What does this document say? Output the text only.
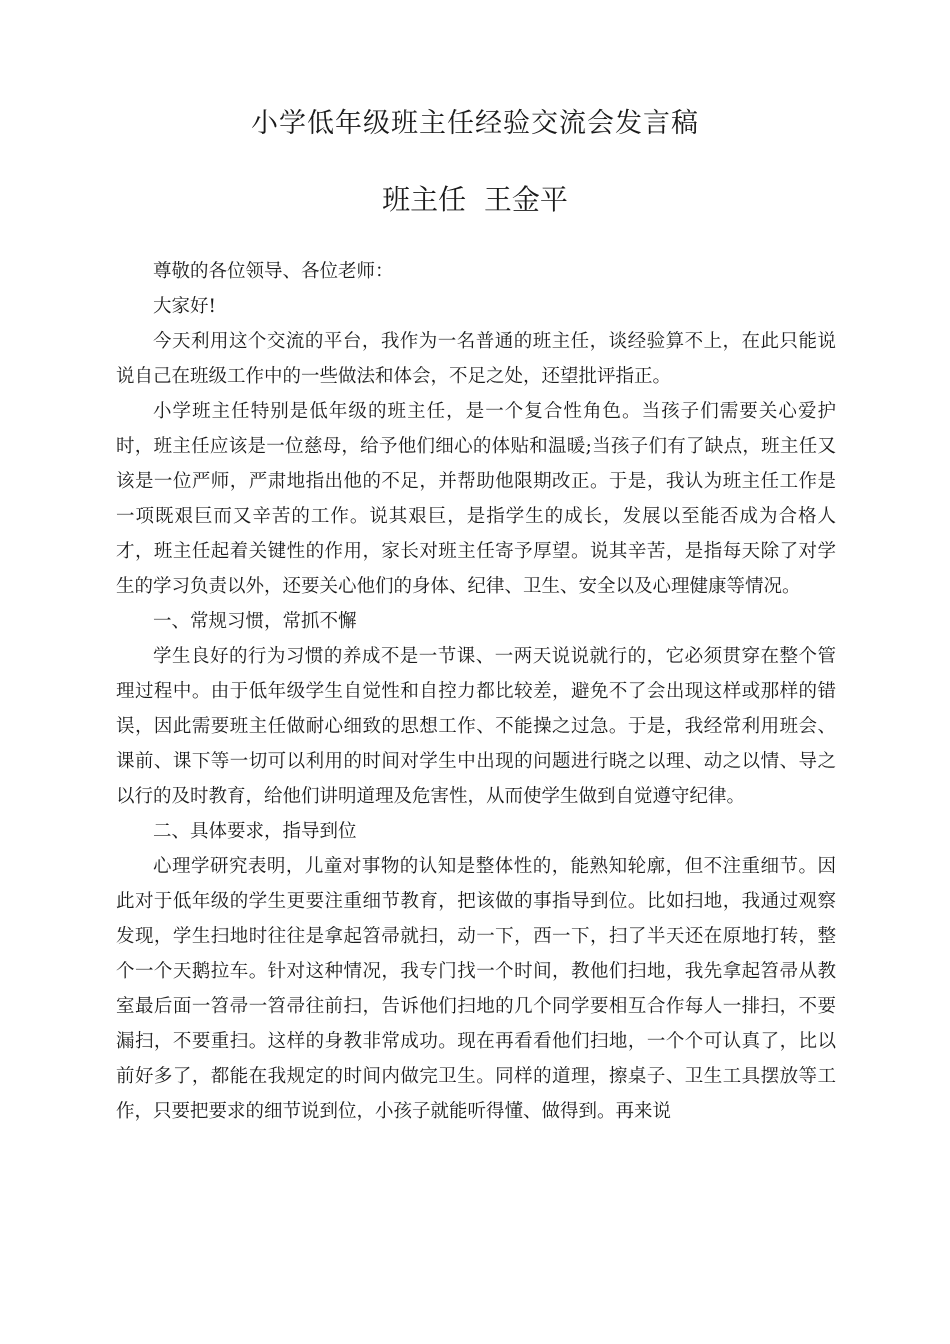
小学低年级班主任经验交流会发言稿
班主任  王金平

尊敬的各位领导、各位老师：

大家好!

今天利用这个交流的平台，我作为一名普通的班主任，谈经验算不上，在此只能说说自己在班级工作中的一些做法和体会，不足之处，还望批评指正。

小学班主任特别是低年级的班主任，是一个复合性角色。当孩子们需要关心爱护时，班主任应该是一位慈母，给予他们细心的体贴和温暖;当孩子们有了缺点，班主任又该是一位严师，严肃地指出他的不足，并帮助他限期改正。于是，我认为班主任工作是一项既艰巨而又辛苦的工作。说其艰巨，是指学生的成长，发展以至能否成为合格人才，班主任起着关键性的作用，家长对班主任寄予厚望。说其辛苦，是指每天除了对学生的学习负责以外，还要关心他们的身体、纪律、卫生、安全以及心理健康等情况。

一、常规习惯，常抓不懈

学生良好的行为习惯的养成不是一节课、一两天说说就行的，它必须贯穿在整个管理过程中。由于低年级学生自觉性和自控力都比较差，避免不了会出现这样或那样的错误，因此需要班主任做耐心细致的思想工作、不能操之过急。于是，我经常利用班会、课前、课下等一切可以利用的时间对学生中出现的问题进行晓之以理、动之以情、导之以行的及时教育，给他们讲明道理及危害性，从而使学生做到自觉遵守纪律。

二、具体要求，指导到位

心理学研究表明，儿童对事物的认知是整体性的，能熟知轮廓，但不注重细节。因此对于低年级的学生更要注重细节教育，把该做的事指导到位。比如扫地，我通过观察发现，学生扫地时往往是拿起笤帚就扫，动一下，西一下，扫了半天还在原地打转，整个一个天鹅拉车。针对这种情况，我专门找一个时间，教他们扫地，我先拿起笤帚从教室最后面一笤帚一笤帚往前扫，告诉他们扫地的几个同学要相互合作每人一排扫，不要漏扫，不要重扫。这样的身教非常成功。现在再看看他们扫地，一个个可认真了，比以前好多了，都能在我规定的时间内做完卫生。同样的道理，擦桌子、卫生工具摆放等工作，只要把要求的细节说到位，小孩子就能听得懂、做得到。再来说
